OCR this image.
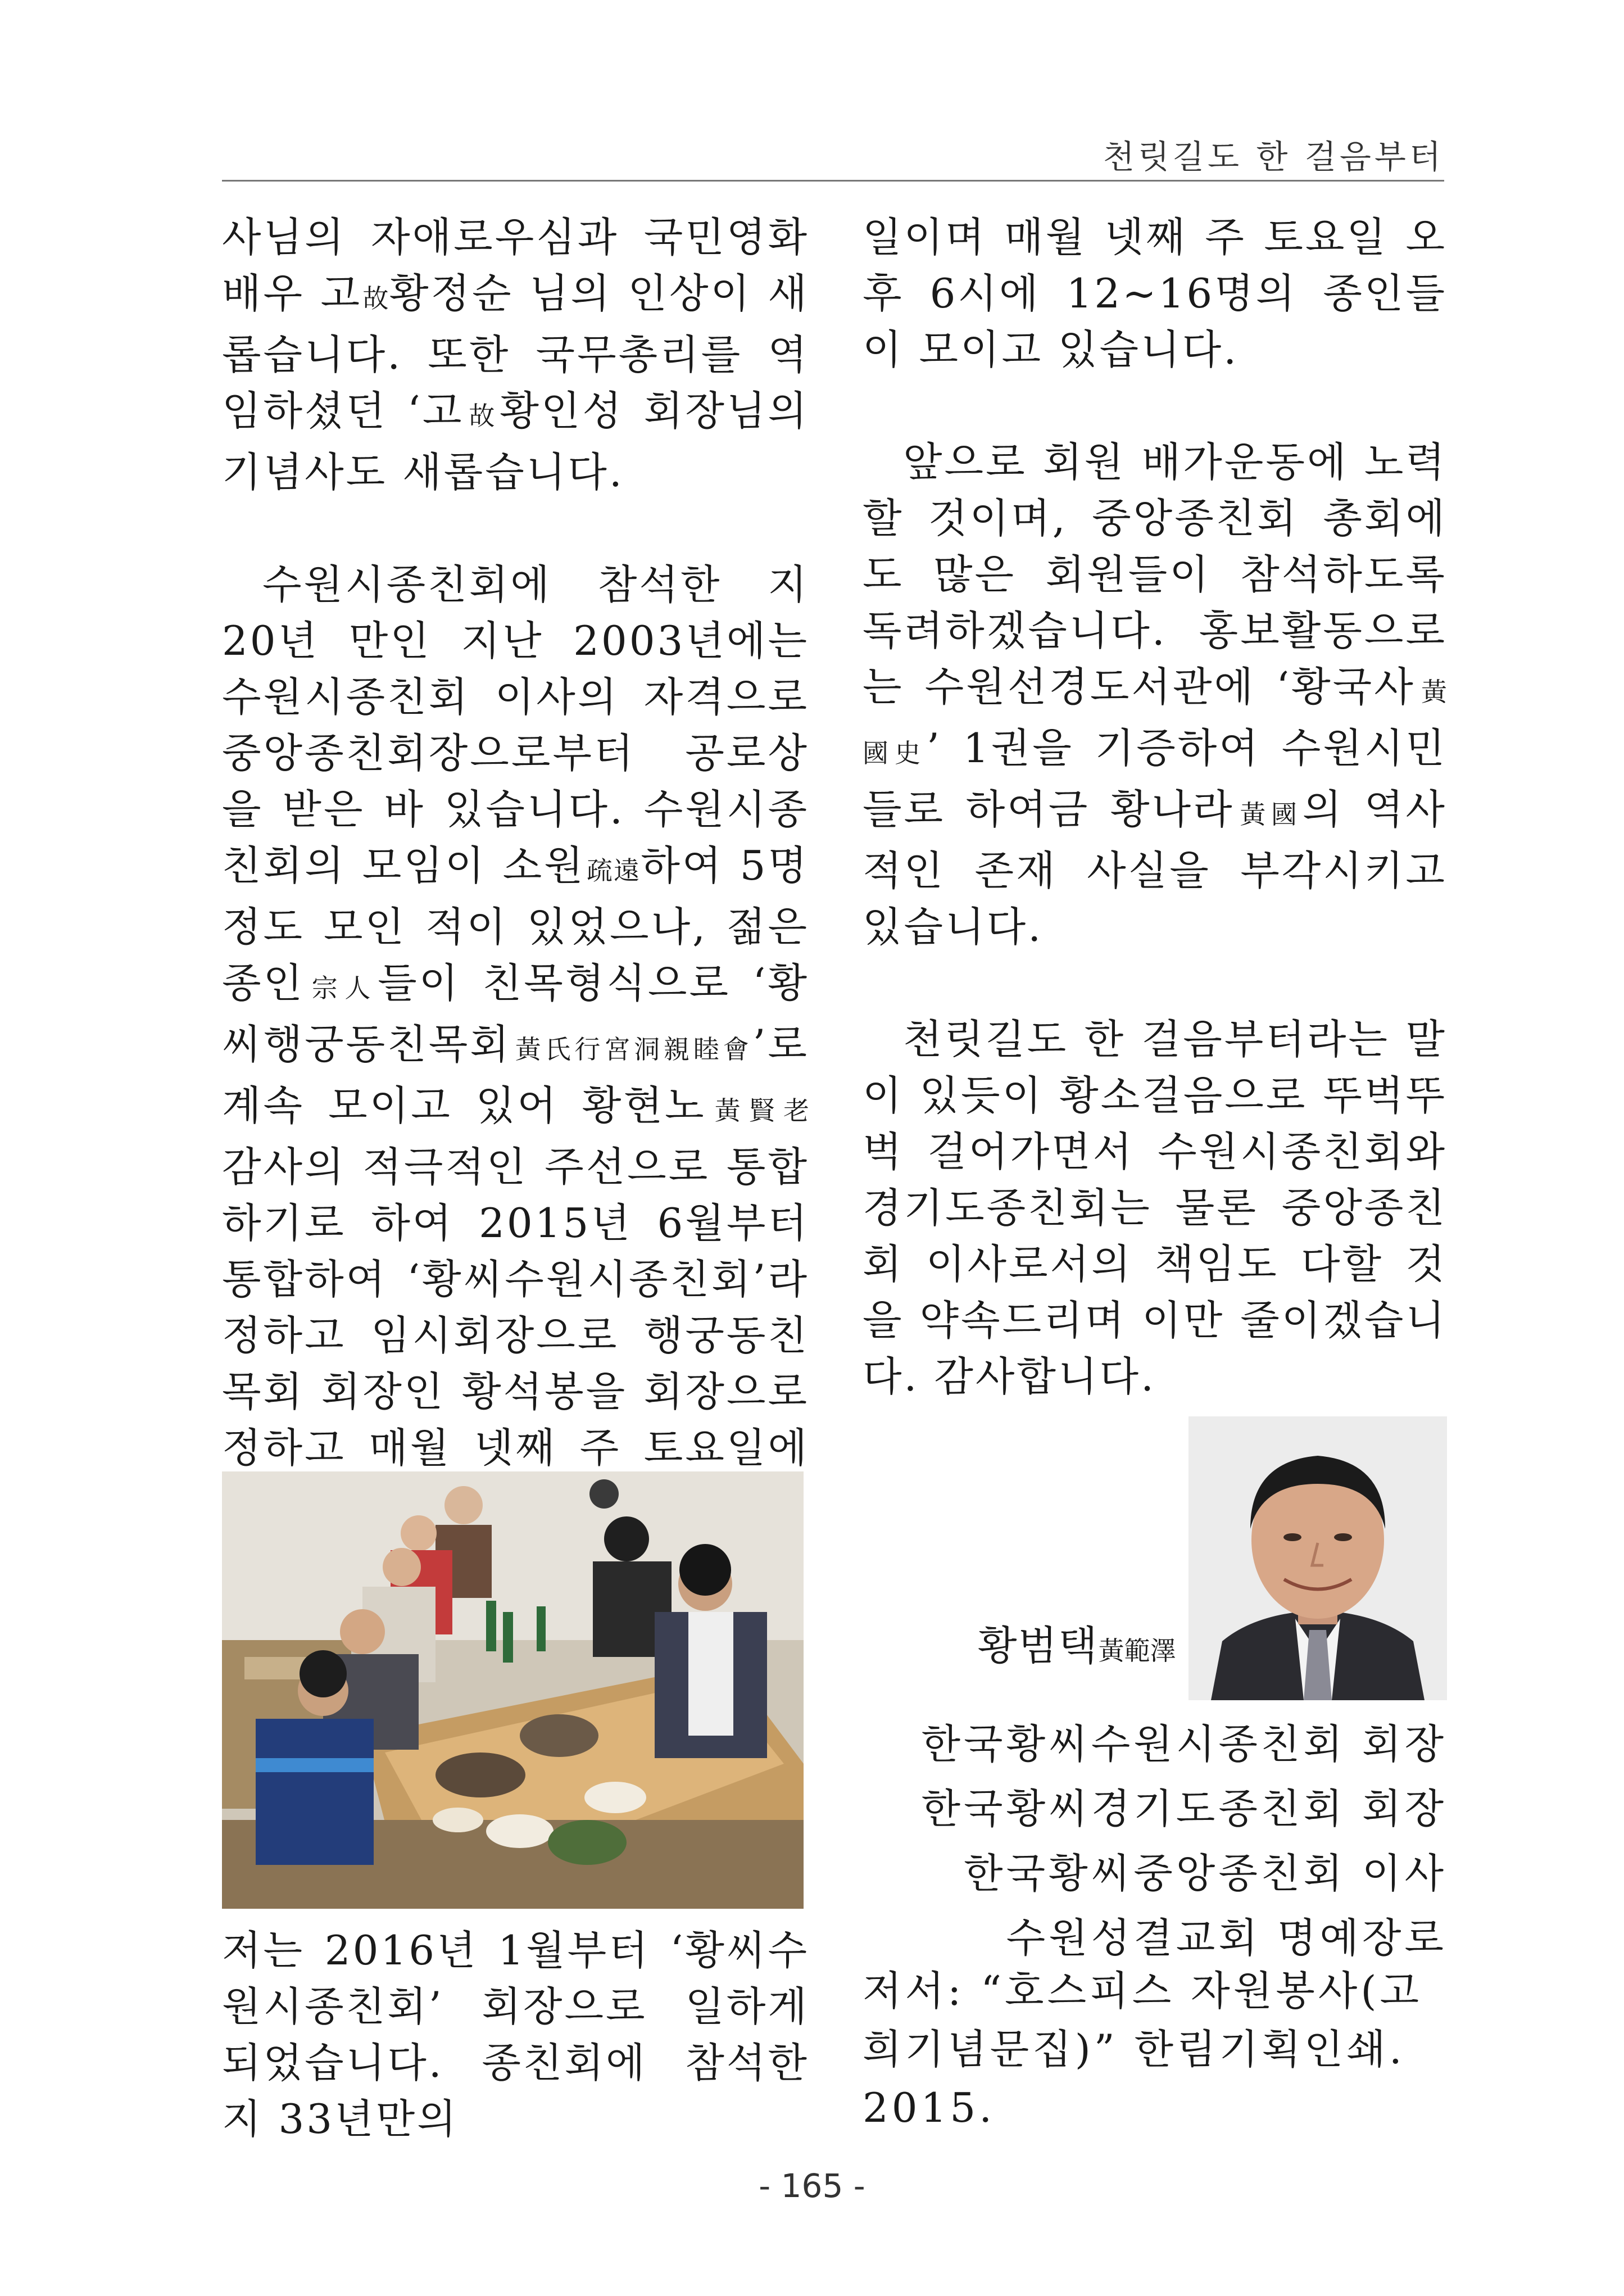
천릿길도 한 걸음부터

사님의 자애로우심과 국민영화배우 고故황정순 님의 인상이 새롭습니다. 또한 국무총리를 역임하셨던 ‘고故황인성 회장님의 기념사도 새롭습니다.

수원시종친회에 참석한 지 20년 만인 지난 2003년에는 수원시종친회 이사의 자격으로 중앙종친회장으로부터 공로상을 받은 바 있습니다. 수원시종친회의 모임이 소원疏遠하여 5명 정도 모인 적이 있었으나, 젊은 종인宗人들이 친목형식으로 ‘황씨행궁동친목회黃氏行宮洞親睦會’로 계속 모이고 있어 황현노黃賢老 감사의 적극적인 주선으로 통합하기로 하여 2015년 6월부터 통합하여 ‘황씨수원시종친회’라 정하고 임시회장으로 행궁동친목회 회장인 황석봉을 회장으로 정하고 매월 넷째 주 토요일에

저는 2016년 1월부터 ‘황씨수원시종친회’ 회장으로 일하게 되었습니다. 종친회에 참석한 지 33년만의

일이며 매월 넷째 주 토요일 오후 6시에 12~16명의 종인들이 모이고 있습니다.

앞으로 회원 배가운동에 노력할 것이며, 중앙종친회 총회에도 많은 회원들이 참석하도록 독려하겠습니다. 홍보활동으로는 수원선경도서관에 ‘황국사黃國史’ 1권을 기증하여 수원시민들로 하여금 황나라黃國의 역사적인 존재 사실을 부각시키고 있습니다.

천릿길도 한 걸음부터라는 말이 있듯이 황소걸음으로 뚜벅뚜벅 걸어가면서 수원시종친회와 경기도종친회는 물론 중앙종친회 이사로서의 책임도 다할 것을 약속드리며 이만 줄이겠습니다. 감사합니다.

황범택黃範澤
한국황씨수원시종친회 회장
한국황씨경기도종친회 회장
한국황씨중앙종친회 이사
수원성결교회 명예장로
저서: “호스피스 자원봉사(고희기념문집)” 한림기획인쇄. 2015.
- 165 -
